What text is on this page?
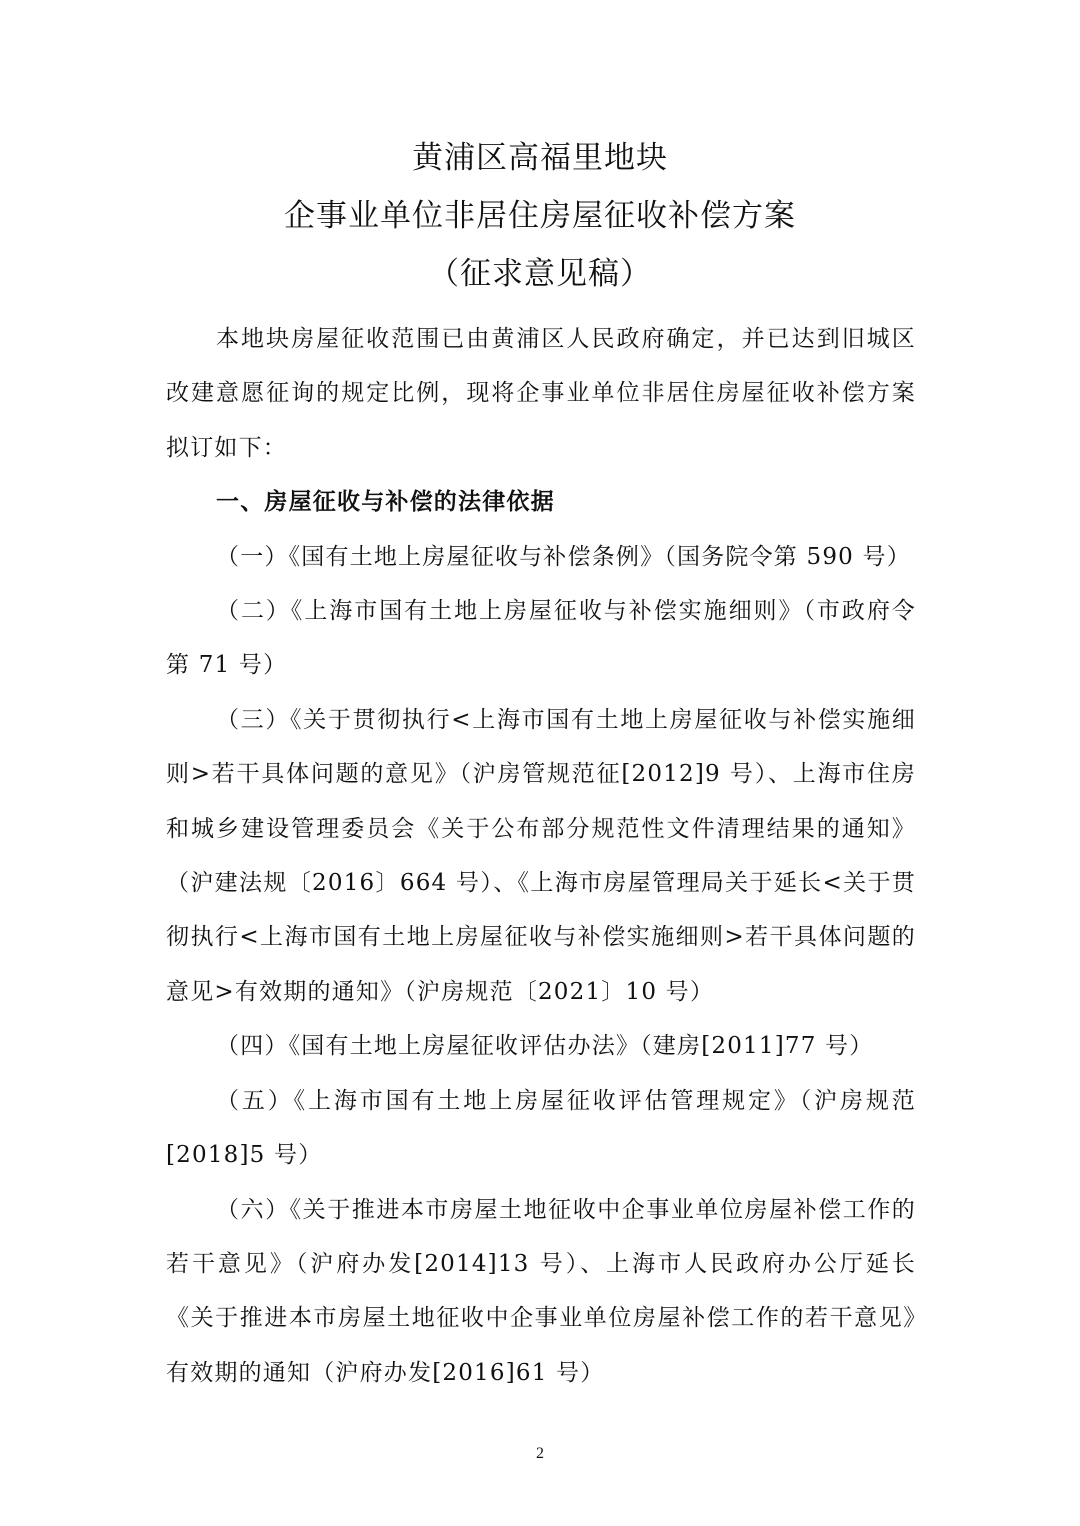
黄浦区高福里地块
企事业单位非居住房屋征收补偿方案
（征求意见稿）

本地块房屋征收范围已由黄浦区人民政府确定，并已达到旧城区改建意愿征询的规定比例，现将企事业单位非居住房屋征收补偿方案拟订如下：

一、房屋征收与补偿的法律依据

（一）《国有土地上房屋征收与补偿条例》（国务院令第 590 号）

（二）《上海市国有土地上房屋征收与补偿实施细则》（市政府令第 71 号）

（三）《关于贯彻执行<上海市国有土地上房屋征收与补偿实施细则>若干具体问题的意见》（沪房管规范征[2012]9 号）、上海市住房和城乡建设管理委员会《关于公布部分规范性文件清理结果的通知》（沪建法规〔2016〕664 号）、《上海市房屋管理局关于延长<关于贯彻执行<上海市国有土地上房屋征收与补偿实施细则>若干具体问题的意见>有效期的通知》（沪房规范〔2021〕10 号）

（四）《国有土地上房屋征收评估办法》（建房[2011]77 号）

（五）《上海市国有土地上房屋征收评估管理规定》（沪房规范[2018]5 号）

（六）《关于推进本市房屋土地征收中企事业单位房屋补偿工作的若干意见》（沪府办发[2014]13 号）、上海市人民政府办公厅延长《关于推进本市房屋土地征收中企事业单位房屋补偿工作的若干意见》有效期的通知（沪府办发[2016]61 号）

2
